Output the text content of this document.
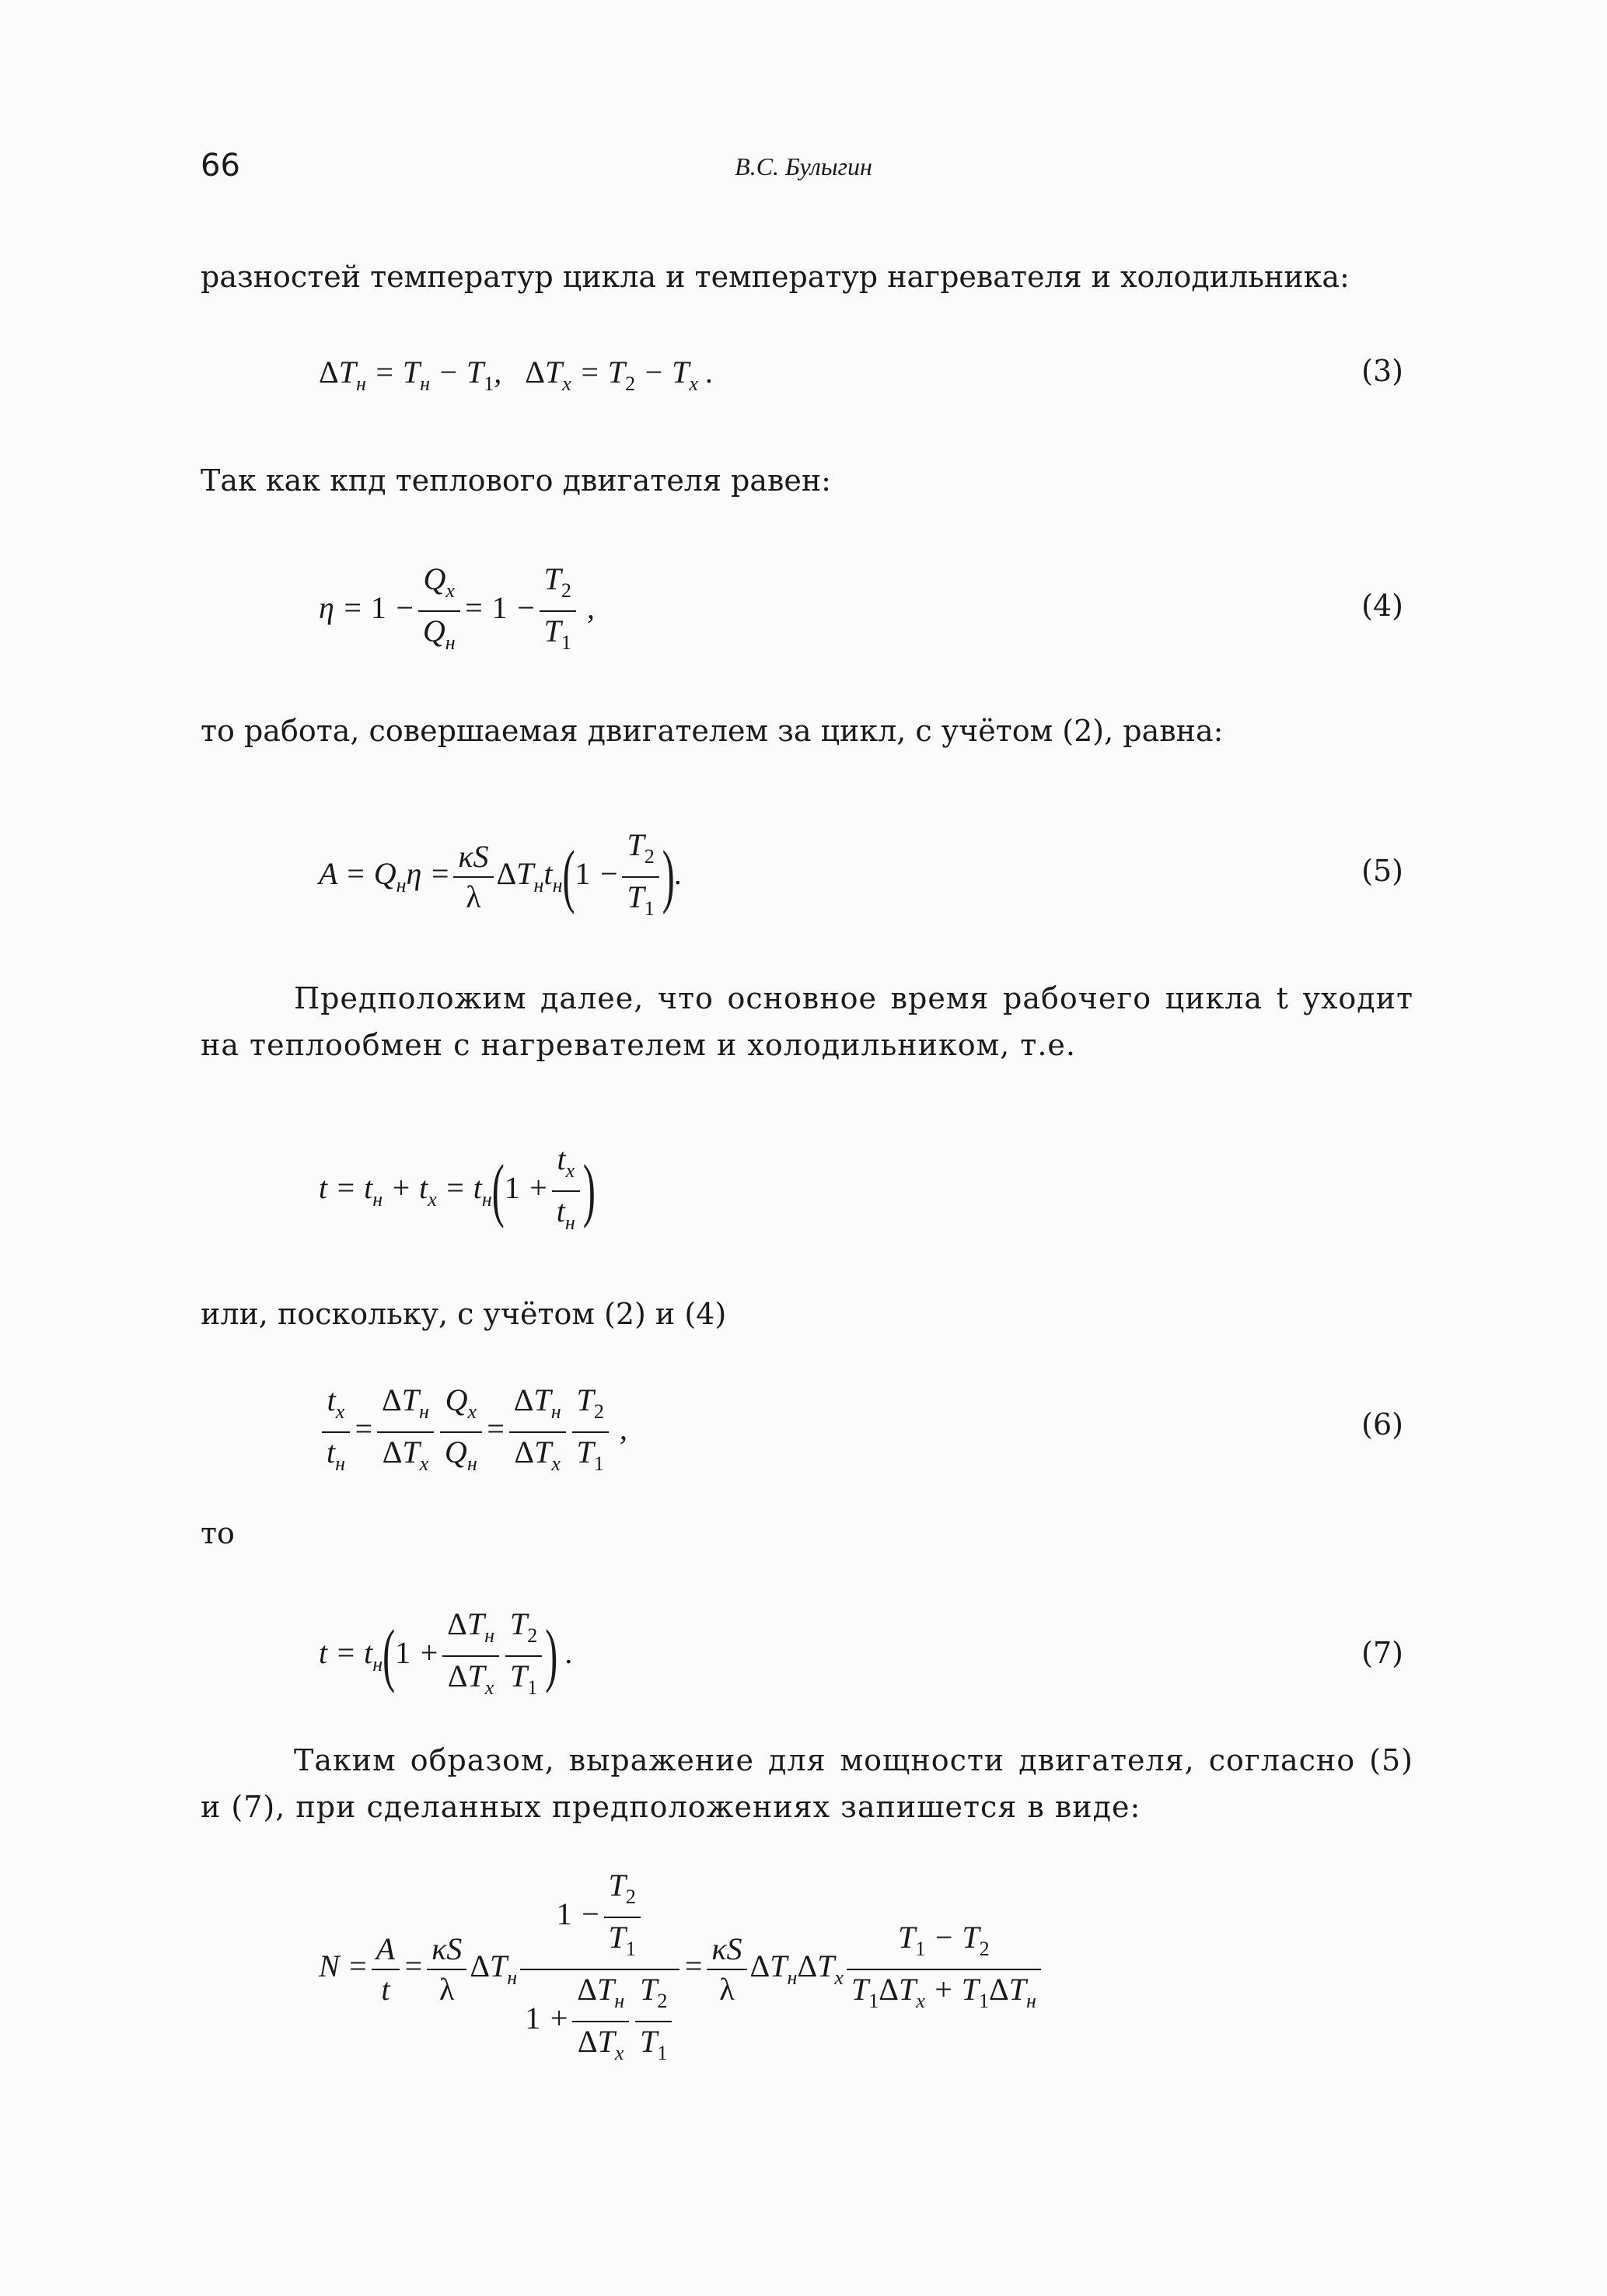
66	В.С. Булыгин
разностей температур цикла и температур нагревателя и холодильника:
$\Delta T_н = T_н - T_1$,   $\Delta T_x = T_2 - T_x$ .	(3)
Так как кпд теплового двигателя равен:
$\eta = 1 - \frac{Q_x}{Q_н} = 1 - \frac{T_2}{T_1}$ ,	(4)
то работа, совершаемая двигателем за цикл, с учётом (2), равна:
$A = Q_н\eta = \frac{\kappa S}{\lambda} \Delta T_нt_н(1 - \frac{T_2}{T_1}$ ).	(5)
Предположим далее, что основное время рабочего цикла t уходит на теплообмен с нагревателем и холодильником, т.е.
$t = t_н + t_x = t_н(1 + \frac{t_x}{t_н}$ )
или, поскольку, с учётом (2) и (4)
$\frac{t_x}{t_н} = \frac{\Delta T_н}{\Delta T_x} \frac{Q_x}{Q_н} = \frac{\Delta T_н}{\Delta T_x} \frac{T_2}{T_1}$ ,	(6)
то
$t = t_н(1 + \frac{\Delta T_н}{\Delta T_x} \frac{T_2}{T_1}$ ) .	(7)
Таким образом, выражение для мощности двигателя, согласно (5) и (7), при сделанных предположениях запишется в виде:
$N = \frac{A}{t} = \frac{\kappa S}{\lambda} \Delta T_н \frac{1 - \frac{T_2}{T_1}}{1 + \frac{\Delta T_н}{\Delta T_x} \frac{T_2}{T_1}} = \frac{\kappa S}{\lambda} \Delta T_н\Delta T_x \frac{T_1 - T_2}{T_1\Delta T_x + T_1\Delta T_н}$
